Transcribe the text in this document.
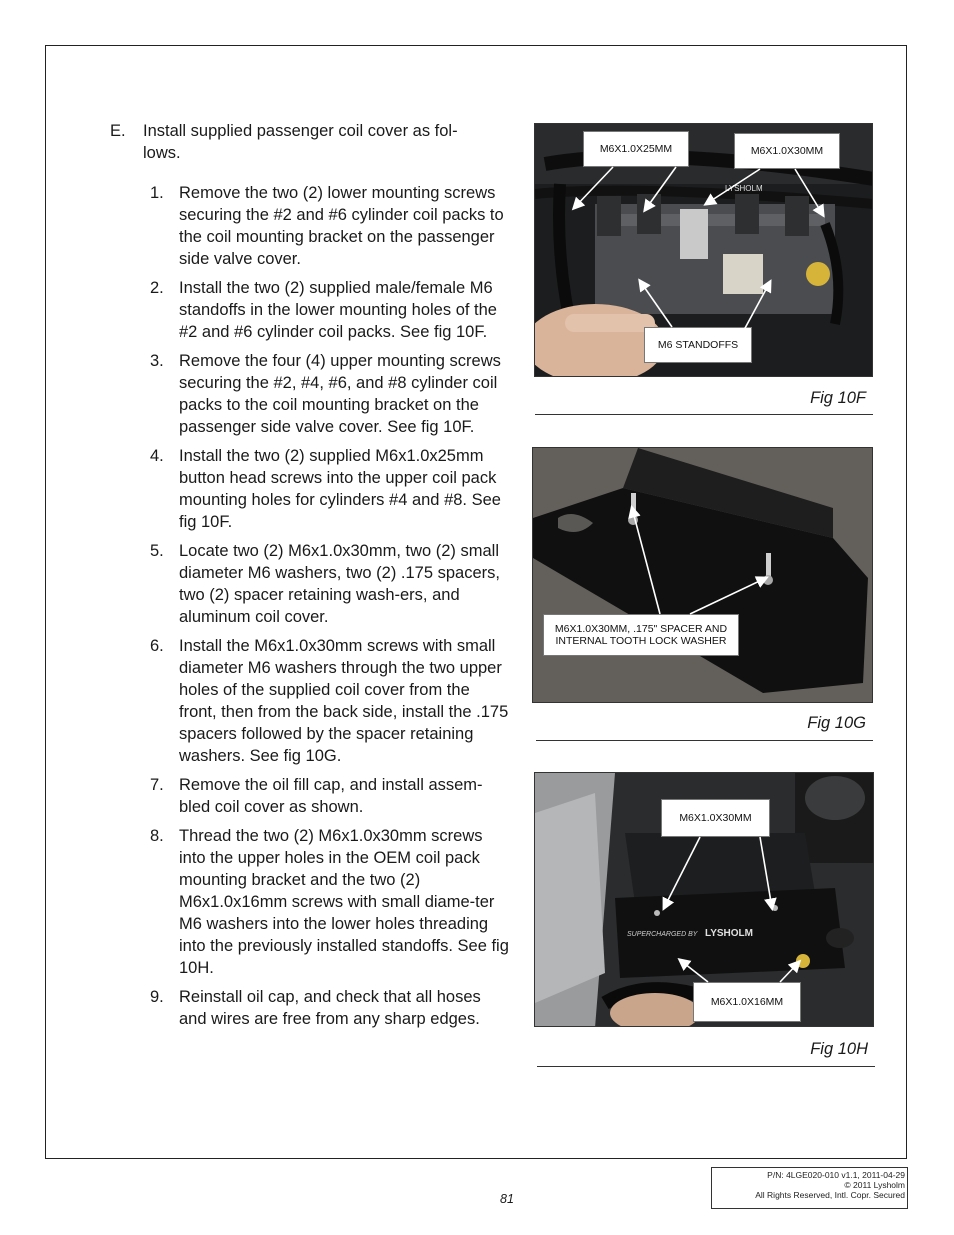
E. Install supplied passenger coil cover as fol-lows.
1. Remove the two (2) lower mounting screws securing the #2 and #6 cylinder coil packs to the coil mounting bracket on the passenger side valve cover.
2. Install the two (2) supplied male/female M6 standoffs in the lower mounting holes of the #2 and #6 cylinder coil packs. See fig 10F.
3. Remove the four (4) upper mounting screws securing the #2, #4, #6, and #8 cylinder coil packs to the coil mounting bracket on the passenger side valve cover. See fig 10F.
4. Install the two (2) supplied M6x1.0x25mm button head screws into the upper coil pack mounting holes for cylinders #4 and #8. See fig 10F.
5. Locate two (2) M6x1.0x30mm, two (2) small diameter M6 washers, two (2) .175 spacers, two (2) spacer retaining wash-ers, and aluminum coil cover.
6. Install the M6x1.0x30mm screws with small diameter M6 washers through the two upper holes of the supplied coil cover from the front, then from the back side, install the .175 spacers followed by the spacer retaining washers. See fig 10G.
7. Remove the oil fill cap, and install assem-bled coil cover as shown.
8. Thread the two (2) M6x1.0x30mm screws into the upper holes in the OEM coil pack mounting bracket and the two (2) M6x1.0x16mm screws with small diame-ter M6 washers into the lower holes threading into the previously installed standoffs. See fig 10H.
9. Reinstall oil cap, and check that all hoses and wires are free from any sharp edges.
LYSHOLM
M6X1.0X25MM	M6X1.0X30MM
M6 STANDOFFS
Fig 10F
M6X1.0X30MM, .175" SPACER AND
INTERNAL TOOTH LOCK WASHER
Fig 10G
SUPERCHARGED BY LYSHOLM
M6X1.0X30MM
M6X1.0X16MM
Fig 10H
81
P/N: 4LGE020-010 v1.1, 2011-04-29
© 2011 Lysholm
All Rights Reserved, Intl. Copr. Secured
